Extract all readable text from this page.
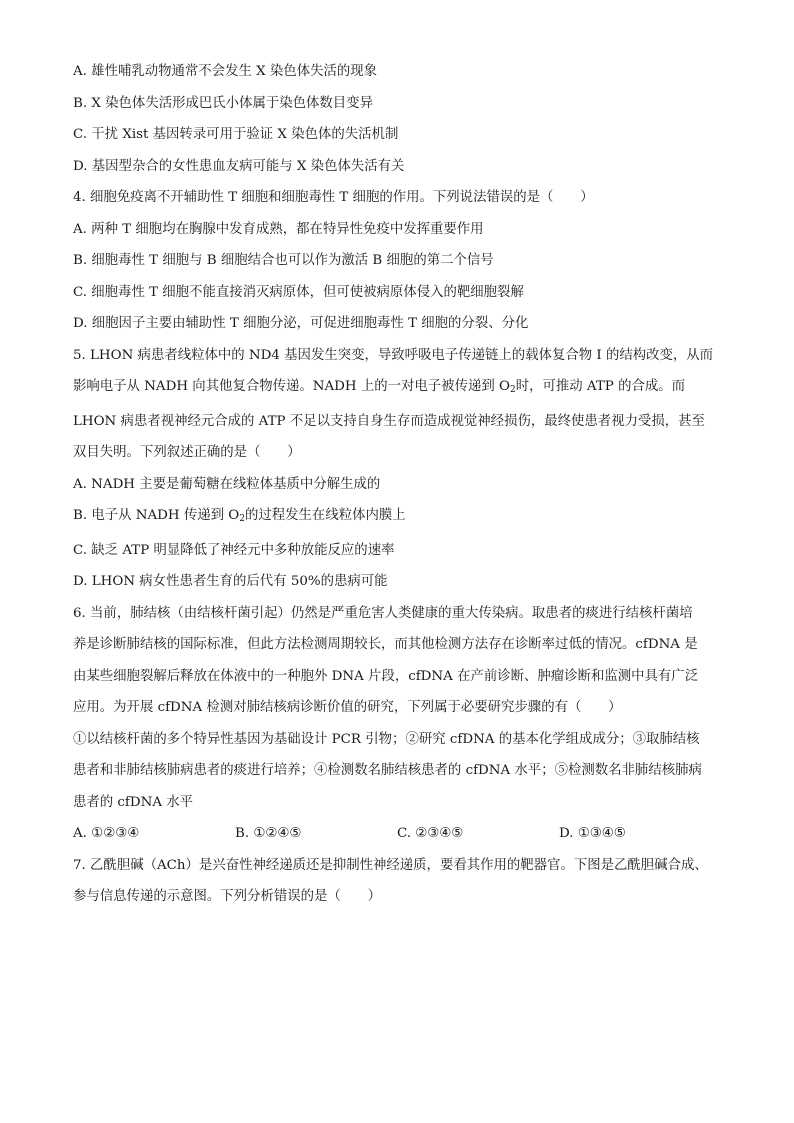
A. 雄性哺乳动物通常不会发生 X 染色体失活的现象
B. X 染色体失活形成巴氏小体属于染色体数目变异
C. 干扰 Xist 基因转录可用于验证 X 染色体的失活机制
D. 基因型杂合的女性患血友病可能与 X 染色体失活有关
4. 细胞免疫离不开辅助性 T 细胞和细胞毒性 T 细胞的作用。下列说法错误的是（　　）
A. 两种 T 细胞均在胸腺中发育成熟，都在特异性免疫中发挥重要作用
B. 细胞毒性 T 细胞与 B 细胞结合也可以作为激活 B 细胞的第二个信号
C. 细胞毒性 T 细胞不能直接消灭病原体，但可使被病原体侵入的靶细胞裂解
D. 细胞因子主要由辅助性 T 细胞分泌，可促进细胞毒性 T 细胞的分裂、分化
5. LHON 病患者线粒体中的 ND4 基因发生突变，导致呼吸电子传递链上的载体复合物 I 的结构改变，从而
影响电子从 NADH 向其他复合物传递。NADH 上的一对电子被传递到 $O_2$时，可推动 ATP 的合成。而
LHON 病患者视神经元合成的 ATP 不足以支持自身生存而造成视觉神经损伤，最终使患者视力受损，甚至
双目失明。下列叙述正确的是（　　）
A. NADH 主要是葡萄糖在线粒体基质中分解生成的
B. 电子从 NADH 传递到 $O_2$的过程发生在线粒体内膜上
C. 缺乏 ATP 明显降低了神经元中多种放能反应的速率
D. LHON 病女性患者生育的后代有 50%的患病可能
6. 当前，肺结核（由结核杆菌引起）仍然是严重危害人类健康的重大传染病。取患者的痰进行结核杆菌培
养是诊断肺结核的国际标准，但此方法检测周期较长，而其他检测方法存在诊断率过低的情况。cfDNA 是
由某些细胞裂解后释放在体液中的一种胞外 DNA 片段，cfDNA 在产前诊断、肿瘤诊断和监测中具有广泛
应用。为开展 cfDNA 检测对肺结核病诊断价值的研究，下列属于必要研究步骤的有（　　）
①以结核杆菌的多个特异性基因为基础设计 PCR 引物；②研究 cfDNA 的基本化学组成成分；③取肺结核
患者和非肺结核肺病患者的痰进行培养；④检测数名肺结核患者的 cfDNA 水平；⑤检测数名非肺结核肺病
患者的 cfDNA 水平
A. ①②③④	B. ①②④⑤	C. ②③④⑤	D. ①③④⑤
7. 乙酰胆碱（ACh）是兴奋性神经递质还是抑制性神经递质，要看其作用的靶器官。下图是乙酰胆碱合成、
参与信息传递的示意图。下列分析错误的是（　　）
